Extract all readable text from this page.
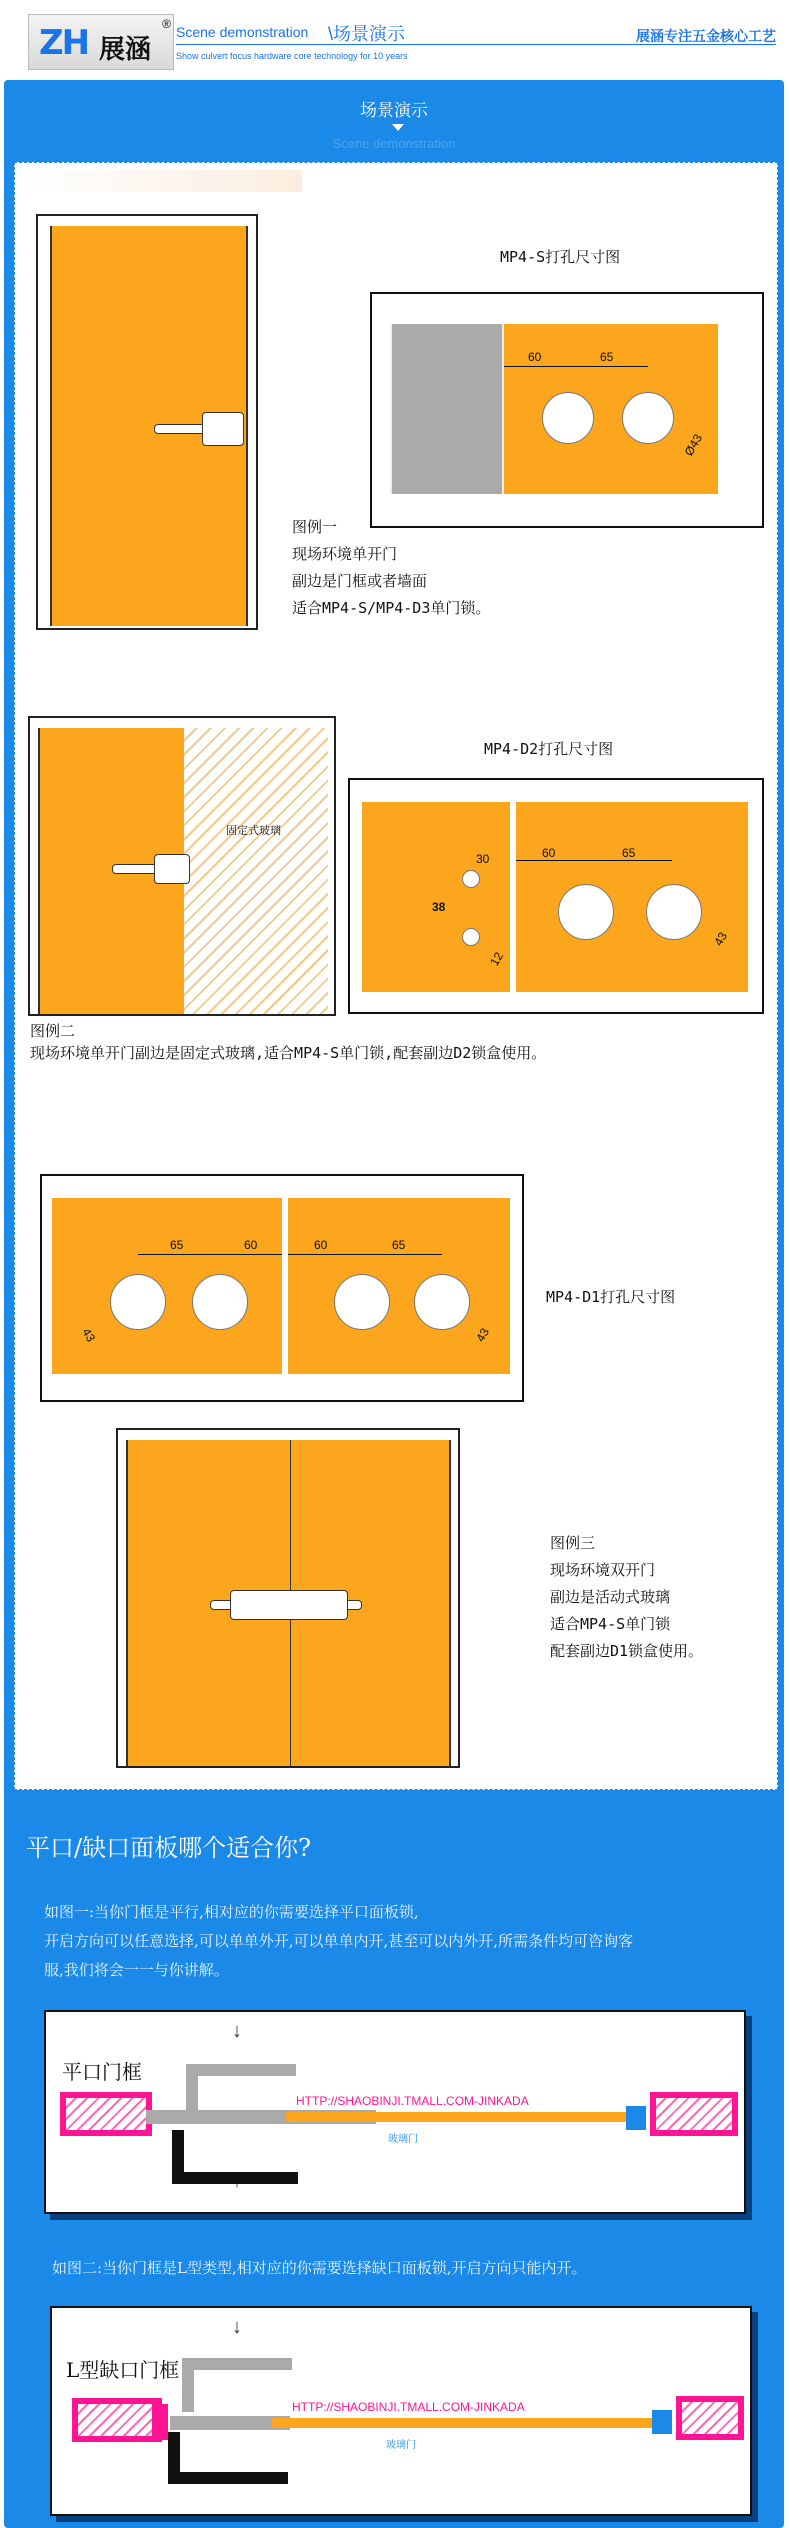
ZH 展涵
® Scene demonstration \场景演示
Show culvert focus hardware core technology for 10 years
展涵专注五金核心工艺
场景演示
Scene demonstration
MP4-S打孔尺寸图
60	65
Ø43
图例一
现场环境单开门
副边是门框或者墙面
适合MP4-S/MP4-D3单门锁。
固定式玻璃
MP4-D2打孔尺寸图
30
38
12
60	65
43
图例二
现场环境单开门副边是固定式玻璃,适合MP4-S单门锁,配套副边D2锁盒使用。
65	60
43
60	65
43
MP4-D1打孔尺寸图
图例三
现场环境双开门
副边是活动式玻璃
适合MP4-S单门锁
配套副边D1锁盒使用。
平口/缺口面板哪个适合你?
如图一:当你门框是平行,相对应的你需要选择平口面板锁,
开启方向可以任意选择,可以单单外开,可以单单内开,甚至可以内外开,所需条件均可咨询客
服,我们将会一一与你讲解。
平口门框
↓
HTTP://SHAOBINJI.TMALL.COM-JINKADA
玻璃门
如图二:当你门框是L型类型,相对应的你需要选择缺口面板锁,开启方向只能内开。
L型缺口门框
↓
HTTP://SHAOBINJI.TMALL.COM-JINKADA
玻璃门
